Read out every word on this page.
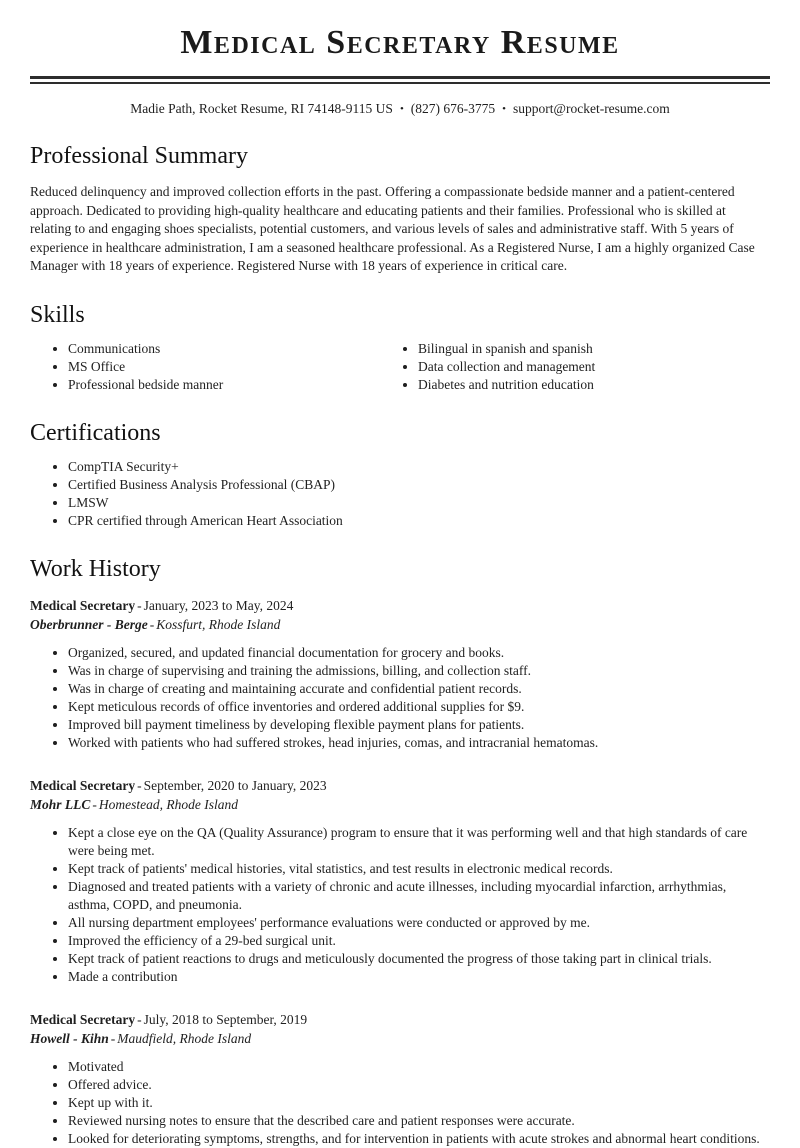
Medical Secretary Resume
Madie Path, Rocket Resume, RI 74148-9115 US • (827) 676-3775 • support@rocket-resume.com
Professional Summary
Reduced delinquency and improved collection efforts in the past. Offering a compassionate bedside manner and a patient-centered approach. Dedicated to providing high-quality healthcare and educating patients and their families. Professional who is skilled at relating to and engaging shoes specialists, potential customers, and various levels of sales and administrative staff. With 5 years of experience in healthcare administration, I am a seasoned healthcare professional. As a Registered Nurse, I am a highly organized Case Manager with 18 years of experience. Registered Nurse with 18 years of experience in critical care.
Skills
• Communications
• MS Office
• Professional bedside manner
• Bilingual in spanish and spanish
• Data collection and management
• Diabetes and nutrition education
Certifications
• CompTIA Security+
• Certified Business Analysis Professional (CBAP)
• LMSW
• CPR certified through American Heart Association
Work History
Medical Secretary - January, 2023 to May, 2024
Oberbrunner - Berge - Kossfurt, Rhode Island
• Organized, secured, and updated financial documentation for grocery and books.
• Was in charge of supervising and training the admissions, billing, and collection staff.
• Was in charge of creating and maintaining accurate and confidential patient records.
• Kept meticulous records of office inventories and ordered additional supplies for $9.
• Improved bill payment timeliness by developing flexible payment plans for patients.
• Worked with patients who had suffered strokes, head injuries, comas, and intracranial hematomas.
Medical Secretary - September, 2020 to January, 2023
Mohr LLC - Homestead, Rhode Island
• Kept a close eye on the QA (Quality Assurance) program to ensure that it was performing well and that high standards of care were being met.
• Kept track of patients' medical histories, vital statistics, and test results in electronic medical records.
• Diagnosed and treated patients with a variety of chronic and acute illnesses, including myocardial infarction, arrhythmias, asthma, COPD, and pneumonia.
• All nursing department employees' performance evaluations were conducted or approved by me.
• Improved the efficiency of a 29-bed surgical unit.
• Kept track of patient reactions to drugs and meticulously documented the progress of those taking part in clinical trials.
• Made a contribution
Medical Secretary - July, 2018 to September, 2019
Howell - Kihn - Maudfield, Rhode Island
• Motivated
• Offered advice.
• Kept up with it.
• Reviewed nursing notes to ensure that the described care and patient responses were accurate.
• Looked for deteriorating symptoms, strengths, and for intervention in patients with acute strokes and abnormal heart conditions.
